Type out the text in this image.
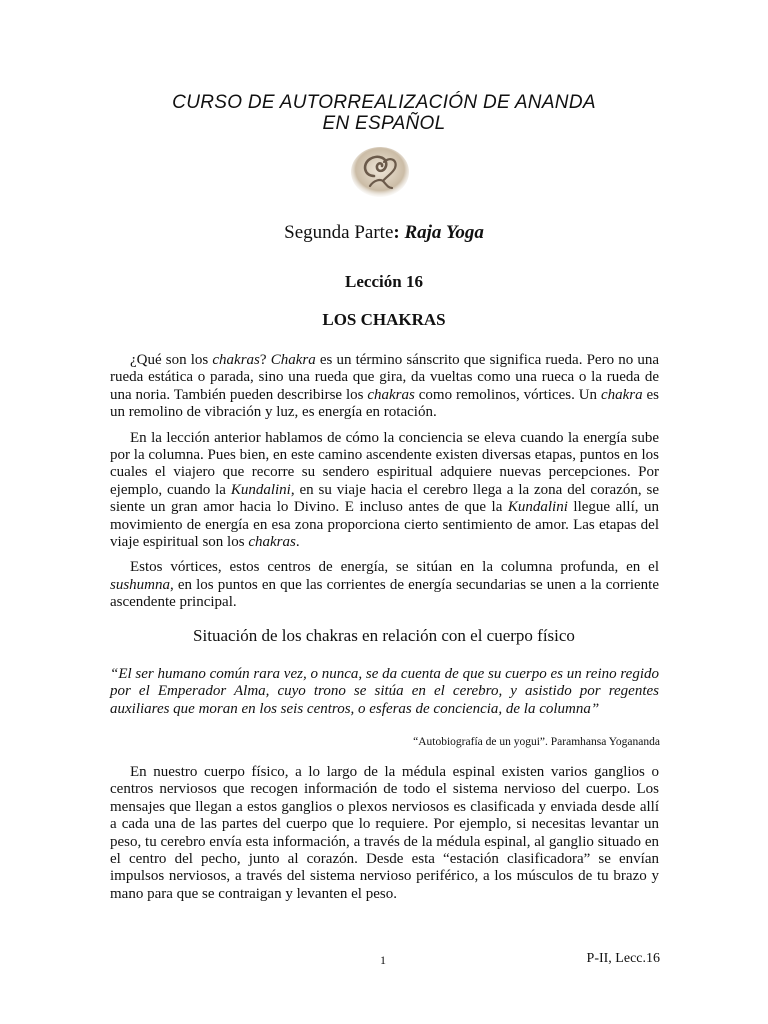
CURSO DE AUTORREALIZACIÓN DE ANANDA
EN ESPAÑOL
Segunda Parte: Raja Yoga
Lección 16
LOS CHAKRAS

¿Qué son los chakras? Chakra es un término sánscrito que significa rueda. Pero no una rueda estática o parada, sino una rueda que gira, da vueltas como una rueca o la rueda de una noria. También pueden describirse los chakras como remolinos, vórtices. Un chakra es un remolino de vibración y luz, es energía en rotación.

En la lección anterior hablamos de cómo la conciencia se eleva cuando la energía sube por la columna. Pues bien, en este camino ascendente existen diversas etapas, puntos en los cuales el viajero que recorre su sendero espiritual adquiere nuevas percepciones. Por ejemplo, cuando la Kundalini, en su viaje hacia el cerebro llega a la zona del corazón, se siente un gran amor hacia lo Divino. E incluso antes de que la Kundalini llegue allí, un movimiento de energía en esa zona proporciona cierto sentimiento de amor. Las etapas del viaje espiritual son los chakras.

Estos vórtices, estos centros de energía, se sitúan en la columna profunda, en el sushumna, en los puntos en que las corrientes de energía secundarias se unen a la corriente ascendente principal.

Situación de los chakras en relación con el cuerpo físico
“El ser humano común rara vez, o nunca, se da cuenta de que su cuerpo es un reino regido por el Emperador Alma, cuyo trono se sitúa en el cerebro, y asistido por regentes auxiliares que moran en los seis centros, o esferas de conciencia, de la columna”
“Autobiografía de un yogui”. Paramhansa Yogananda

En nuestro cuerpo físico, a lo largo de la médula espinal existen varios ganglios o centros nerviosos que recogen información de todo el sistema nervioso del cuerpo. Los mensajes que llegan a estos ganglios o plexos nerviosos es clasificada y enviada desde allí a cada una de las partes del cuerpo que lo requiere. Por ejemplo, si necesitas levantar un peso, tu cerebro envía esta información, a través de la médula espinal, al ganglio situado en el centro del pecho, junto al corazón. Desde esta “estación clasificadora” se envían impulsos nerviosos, a través del sistema nervioso periférico, a los músculos de tu brazo y mano para que se contraigan y levanten el peso.

1	P-II, Lecc.16
